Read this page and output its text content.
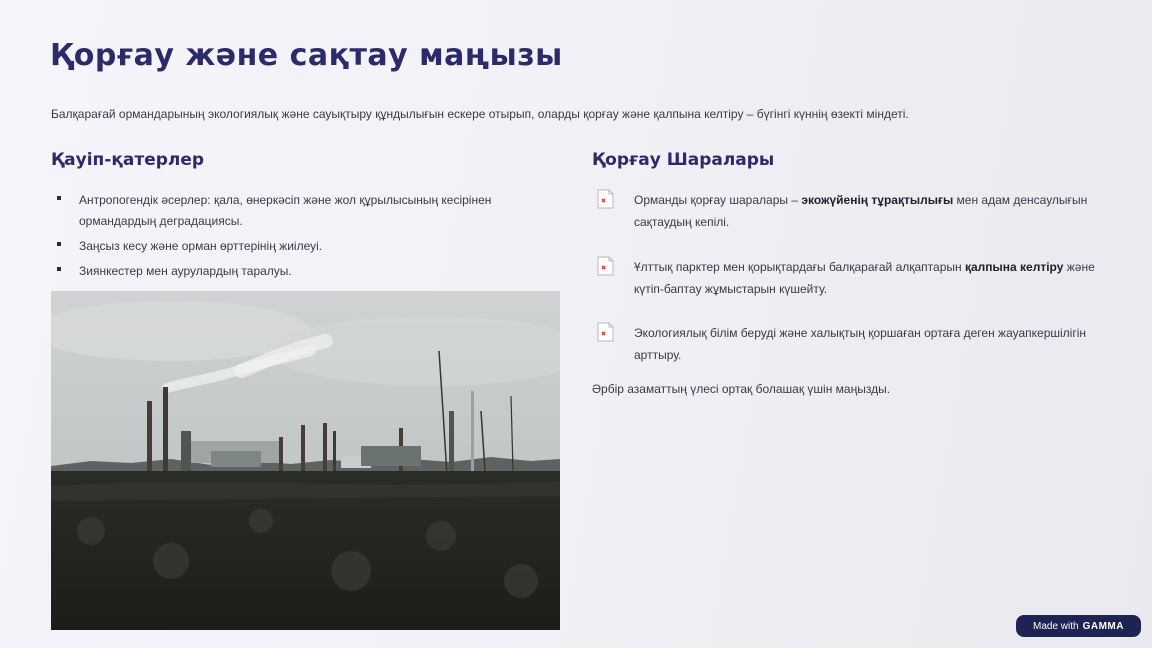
Қорғау және сақтау маңызы
Балқарағай ормандарының экологиялық және сауықтыру құндылығын ескере отырып, оларды қорғау және қалпына келтіру – бүгінгі күннің өзекті міндеті.
Қауіп-қатерлер
Антропогендік әсерлер: қала, өнеркәсіп және жол құрылысының кесірінен ормандардың деградациясы.
Заңсыз кесу және орман өрттерінің жиілеуі.
Зиянкестер мен аурулардың таралуы.
Қорғау Шаралары
Орманды қорғау шаралары – экожүйенің тұрақтылығы мен адам денсаулығын сақтаудың кепілі.
Ұлттық парктер мен қорықтардағы балқарағай алқаптарын қалпына келтіру және күтіп-баптау жұмыстарын күшейту.
Экологиялық білім беруді және халықтың қоршаған ортаға деген жауапкершілігін арттыру.
Әрбір азаматтың үлесі ортақ болашақ үшін маңызды.
Made with GAMMA
